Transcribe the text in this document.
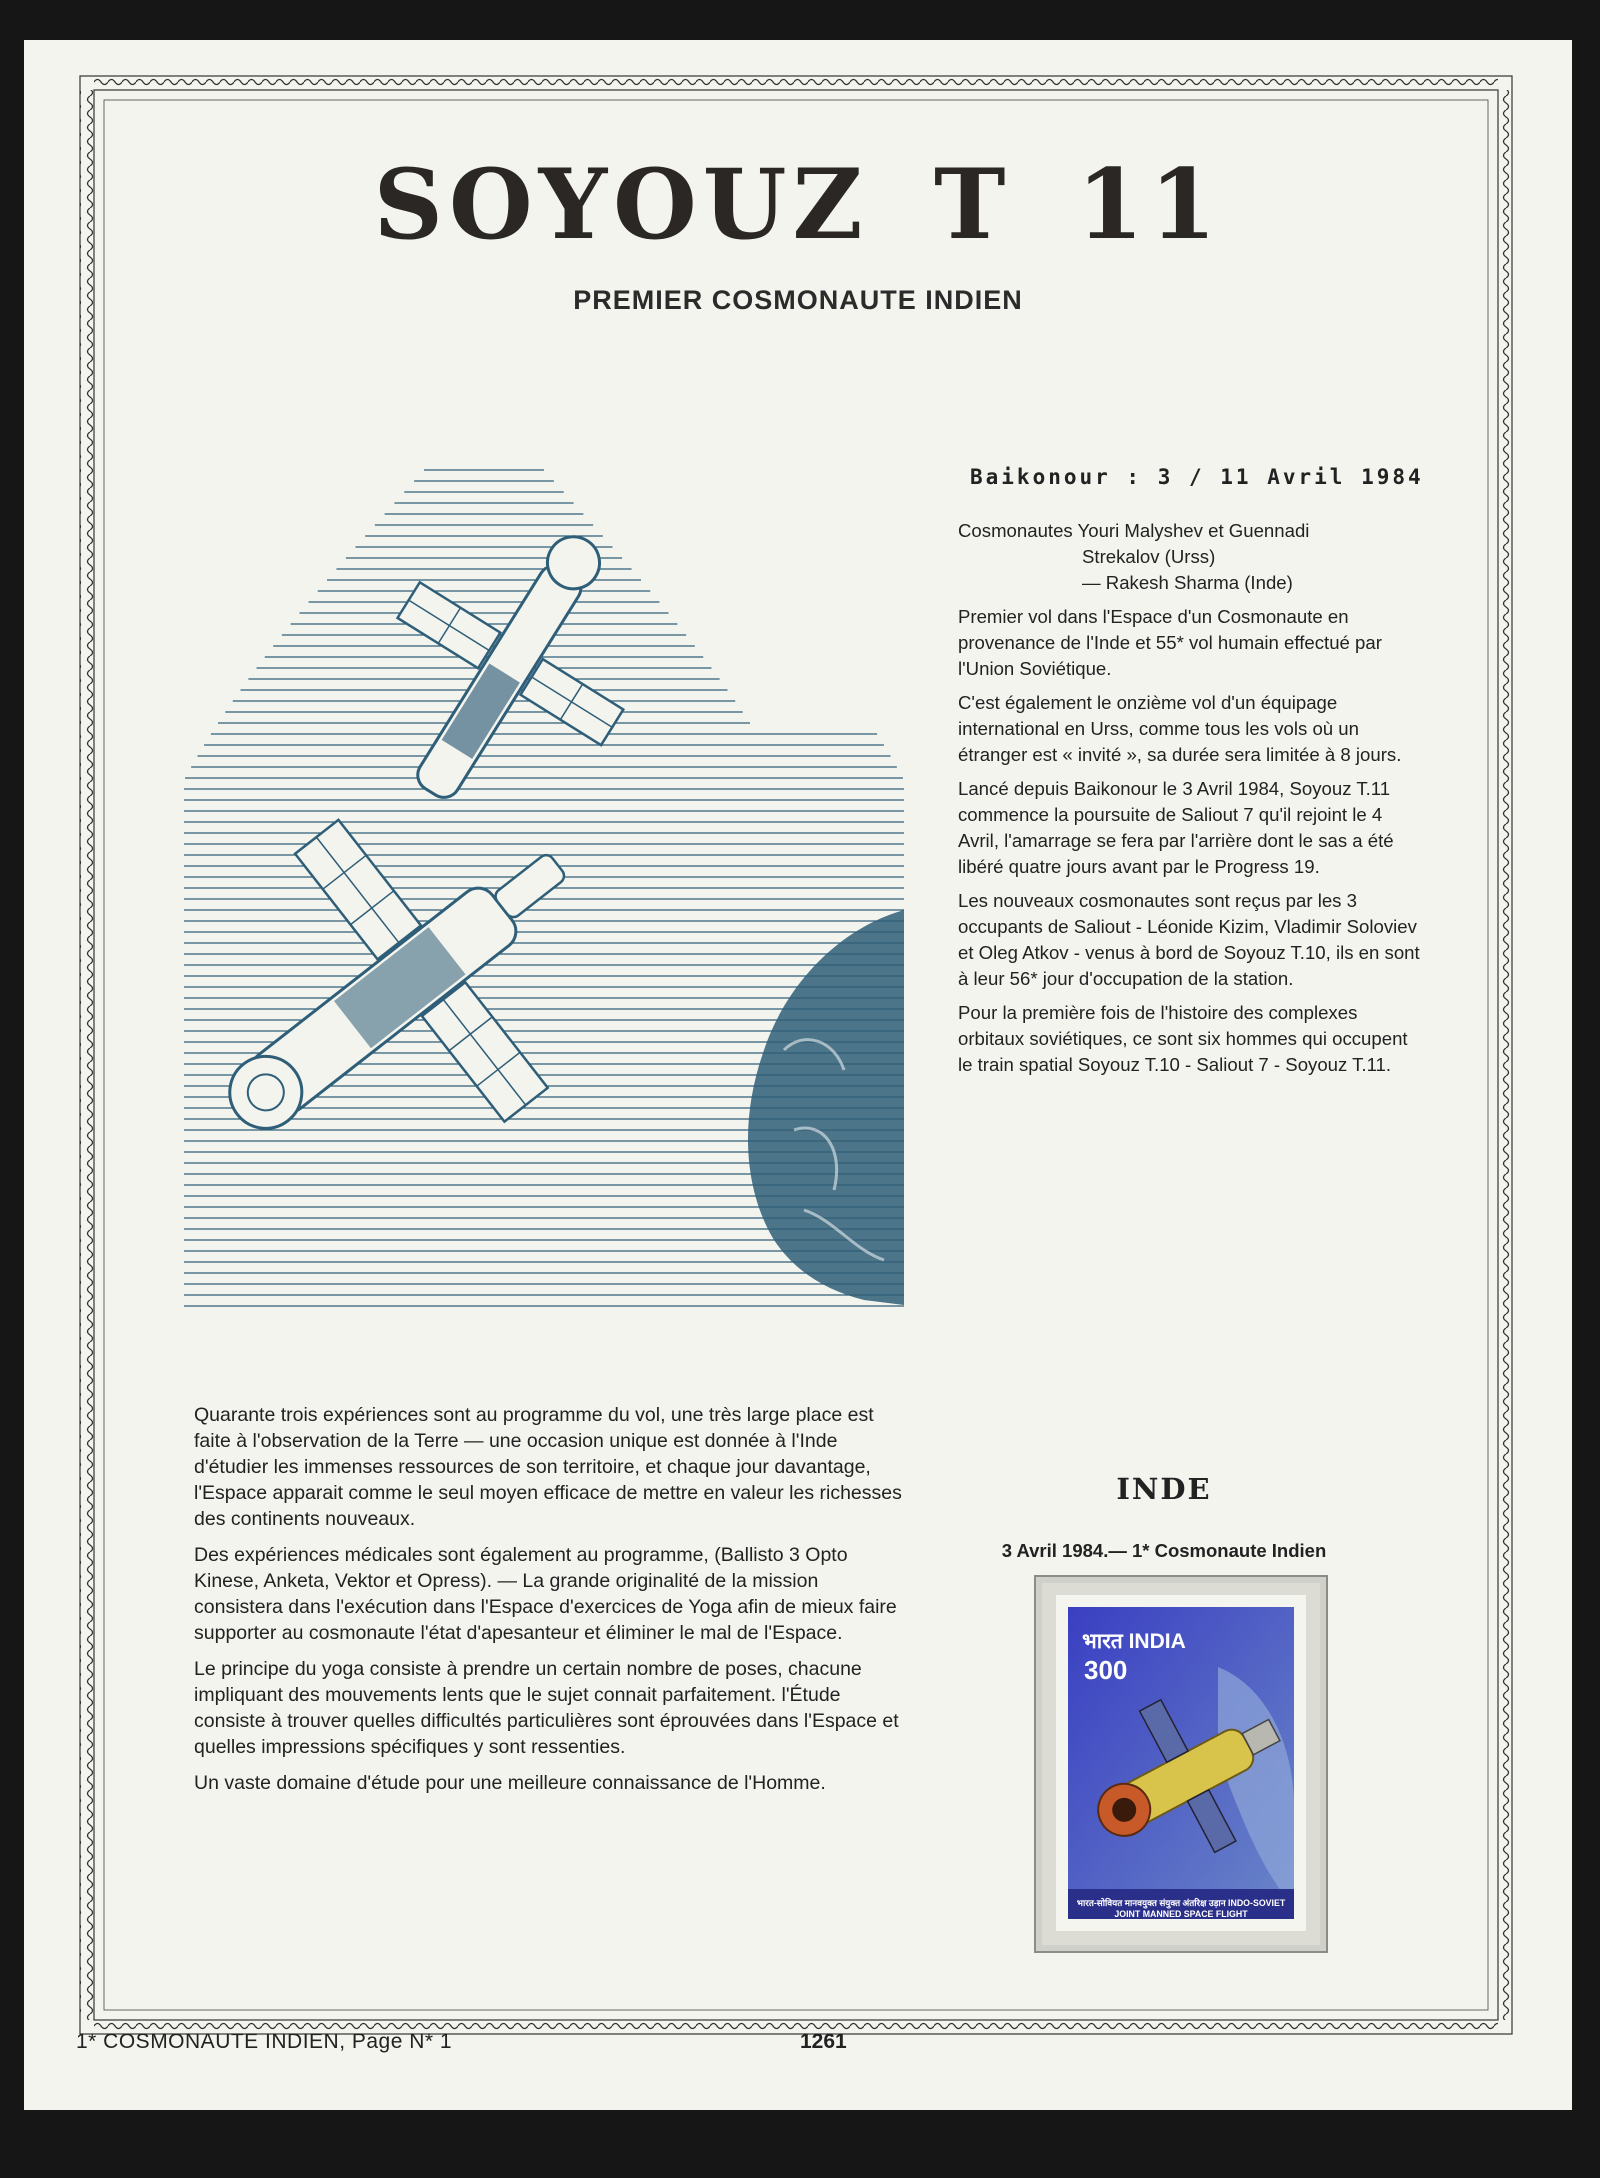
SOYOUZ T 11
PREMIER COSMONAUTE INDIEN
Baikonour : 3 / 11 Avril 1984

Cosmonautes Youri Malyshev et Guennadi

Strekalov (Urss)
— Rakesh Sharma (Inde)

Premier vol dans l'Espace d'un Cosmonaute en provenance de l'Inde et 55* vol humain effectué par l'Union Soviétique.

C'est également le onzième vol d'un équipage international en Urss, comme tous les vols où un étranger est « invité », sa durée sera limitée à 8 jours.

Lancé depuis Baikonour le 3 Avril 1984, Soyouz T.11 commence la poursuite de Saliout 7 qu'il rejoint le 4 Avril, l'amarrage se fera par l'arrière dont le sas a été libéré quatre jours avant par le Progress 19.

Les nouveaux cosmonautes sont reçus par les 3 occupants de Saliout - Léonide Kizim, Vladimir Soloviev et Oleg Atkov - venus à bord de Soyouz T.10, ils en sont à leur 56* jour d'occupation de la station.

Pour la première fois de l'histoire des complexes orbitaux soviétiques, ce sont six hommes qui occupent le train spatial Soyouz T.10 - Saliout 7 - Soyouz T.11.

Quarante trois expériences sont au programme du vol, une très large place est faite à l'observation de la Terre — une occasion unique est donnée à l'Inde d'étudier les immenses ressources de son territoire, et chaque jour davantage, l'Espace apparait comme le seul moyen efficace de mettre en valeur les richesses des continents nouveaux.

Des expériences médicales sont également au programme, (Ballisto 3 Opto Kinese, Anketa, Vektor et Opress). — La grande originalité de la mission consistera dans l'exécution dans l'Espace d'exercices de Yoga afin de mieux faire supporter au cosmonaute l'état d'apesanteur et éliminer le mal de l'Espace.

Le principe du yoga consiste à prendre un certain nombre de poses, chacune impliquant des mouvements lents que le sujet connait parfaitement. l'Étude consiste à trouver quelles difficultés particulières sont éprouvées dans l'Espace et quelles impressions spécifiques y sont ressenties.

Un vaste domaine d'étude pour une meilleure connaissance de l'Homme.

INDE
3 Avril 1984.— 1* Cosmonaute Indien
भारत INDIA
300
भारत-सोवियत मानवयुक्त संयुक्त अंतरिक्ष उड़ान INDO-SOVIET JOINT MANNED SPACE FLIGHT
1* COSMONAUTE INDIEN, Page N* 1	1261
